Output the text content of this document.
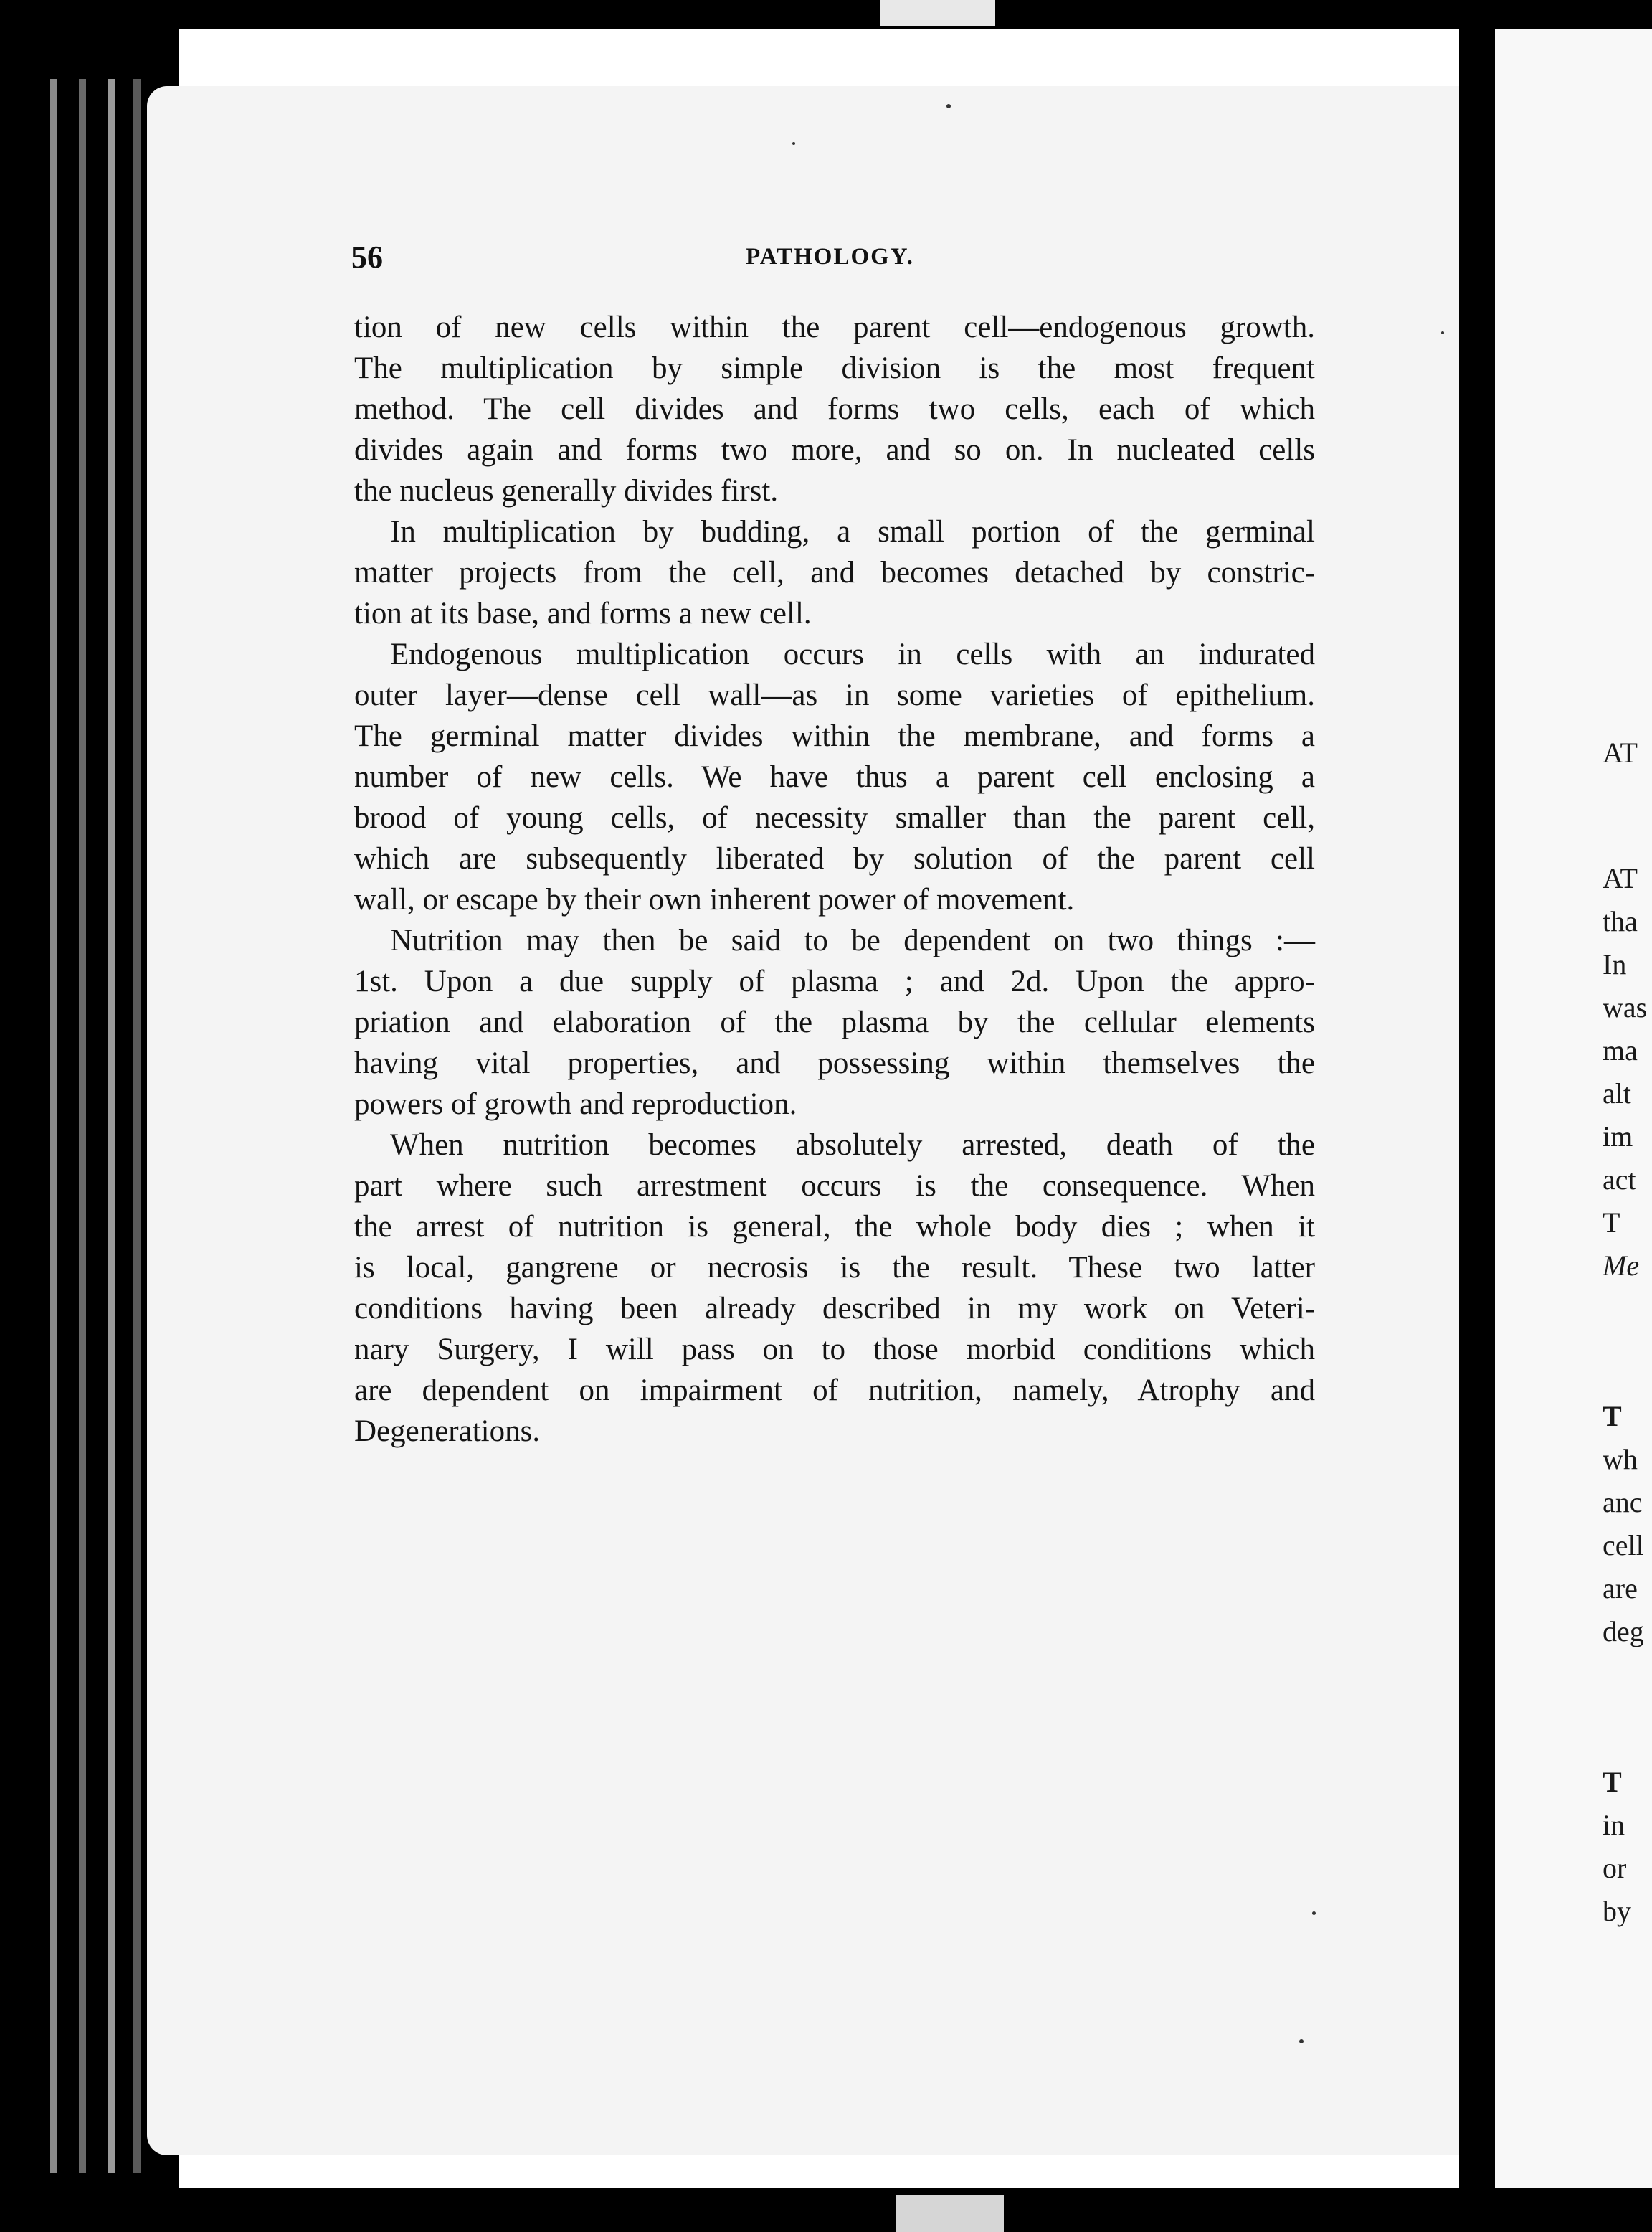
56	PATHOLOGY.
tion of new cells within the parent cell—endogenous growth.
The multiplication by simple division is the most frequent
method. The cell divides and forms two cells, each of which
divides again and forms two more, and so on. In nucleated cells
the nucleus generally divides first.
In multiplication by budding, a small portion of the germinal
matter projects from the cell, and becomes detached by constric-
tion at its base, and forms a new cell.
Endogenous multiplication occurs in cells with an indurated
outer layer—dense cell wall—as in some varieties of epithelium.
The germinal matter divides within the membrane, and forms a
number of new cells. We have thus a parent cell enclosing a
brood of young cells, of necessity smaller than the parent cell,
which are subsequently liberated by solution of the parent cell
wall, or escape by their own inherent power of movement.
Nutrition may then be said to be dependent on two things :—
1st. Upon a due supply of plasma ; and 2d. Upon the appro-
priation and elaboration of the plasma by the cellular elements
having vital properties, and possessing within themselves the
powers of growth and reproduction.
When nutrition becomes absolutely arrested, death of the
part where such arrestment occurs is the consequence. When
the arrest of nutrition is general, the whole body dies ; when it
is local, gangrene or necrosis is the result. These two latter
conditions having been already described in my work on Veteri-
nary Surgery, I will pass on to those morbid conditions which
are dependent on impairment of nutrition, namely, Atrophy and
Degenerations.
AT
AT
tha
In
was
ma
alt
im
act
T
Me
T
wh
anc
cell
are
deg
T
in
or
by
